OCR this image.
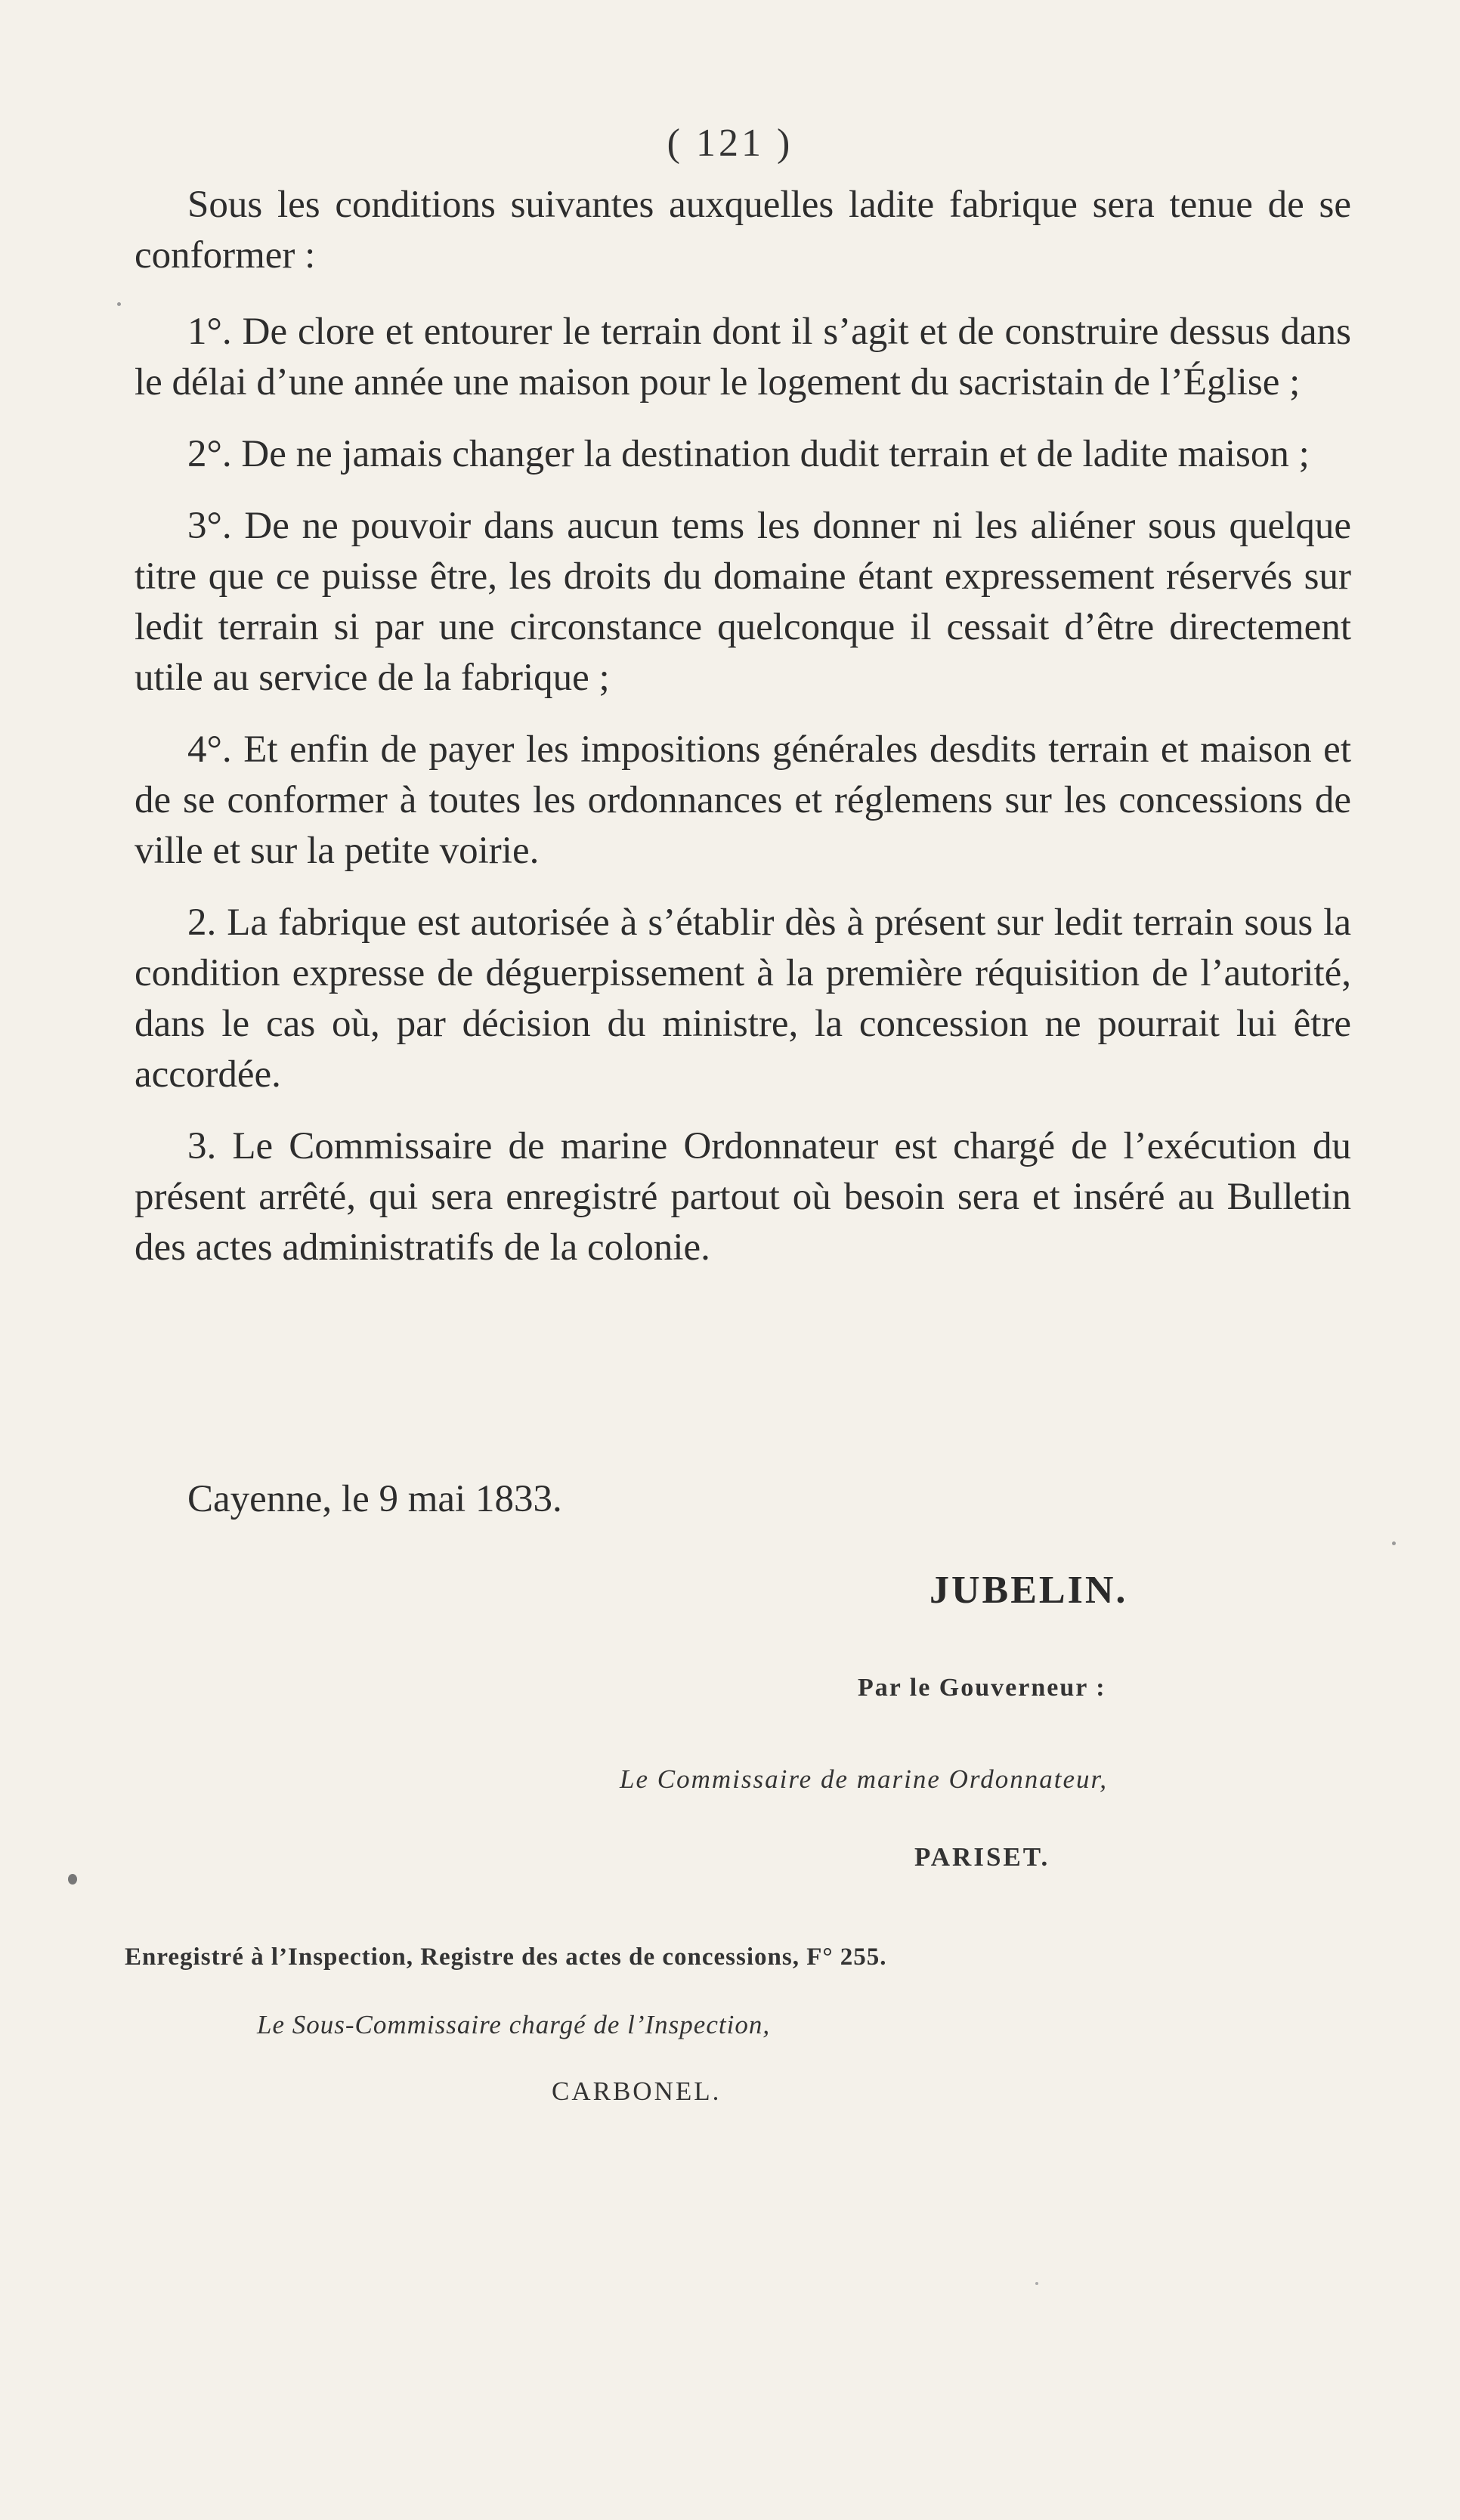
( 121 )

Sous les conditions suivantes auxquelles ladite fabrique sera tenue de se conformer :

1°. De clore et entourer le terrain dont il s’agit et de construire dessus dans le délai d’une année une maison pour le logement du sacristain de l’Église ;

2°. De ne jamais changer la destination dudit terrain et de ladite maison ;

3°. De ne pouvoir dans aucun tems les donner ni les aliéner sous quelque titre que ce puisse être, les droits du domaine étant expressement réservés sur ledit terrain si par une circonstance quelconque il cessait d’être directement utile au service de la fabrique ;

4°. Et enfin de payer les impositions générales desdits terrain et maison et de se conformer à toutes les ordonnances et réglemens sur les concessions de ville et sur la petite voirie.

2. La fabrique est autorisée à s’établir dès à présent sur ledit terrain sous la condition expresse de déguerpissement à la première réquisition de l’autorité, dans le cas où, par décision du ministre, la concession ne pourrait lui être accordée.

3. Le Commissaire de marine Ordonnateur est chargé de l’exécution du présent arrêté, qui sera enregistré partout où besoin sera et inséré au Bulletin des actes administratifs de la colonie.

Cayenne, le 9 mai 1833.
JUBELIN.
Par le Gouverneur :
Le Commissaire de marine Ordonnateur,
PARISET.
Enregistré à l’Inspection, Registre des actes de concessions, F° 255.
Le Sous-Commissaire chargé de l’Inspection,
CARBONEL.
